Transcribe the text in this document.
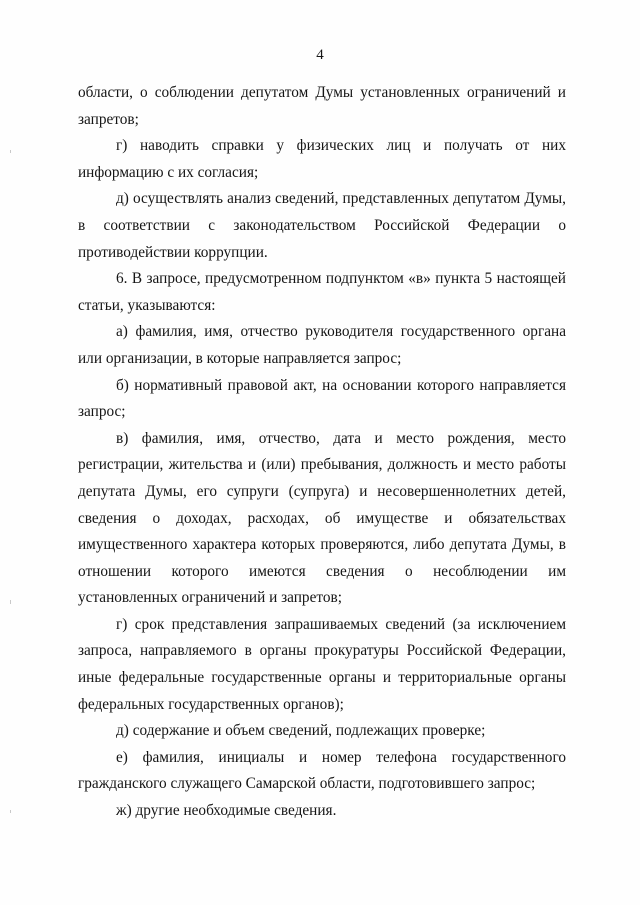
4

области, о соблюдении депутатом Думы установленных ограничений и запретов;

г) наводить справки у физических лиц и получать от них информацию с их согласия;

д) осуществлять анализ сведений, представленных депутатом Думы, в соответствии с законодательством Российской Федерации о противодействии коррупции.

6. В запросе, предусмотренном подпунктом «в» пункта 5 настоящей статьи, указываются:

а) фамилия, имя, отчество руководителя государственного органа или организации, в которые направляется запрос;

б) нормативный правовой акт, на основании которого направляется запрос;

в) фамилия, имя, отчество, дата и место рождения, место регистрации, жительства и (или) пребывания, должность и место работы депутата Думы, его супруги (супруга) и несовершеннолетних детей, сведения о доходах, расходах, об имуществе и обязательствах имущественного характера которых проверяются, либо депутата Думы, в отношении которого имеются сведения о несоблюдении им установленных ограничений и запретов;

г) срок представления запрашиваемых сведений (за исключением запроса, направляемого в органы прокуратуры Российской Федерации, иные федеральные государственные органы и территориальные органы федеральных государственных органов);

д) содержание и объем сведений, подлежащих проверке;

е) фамилия, инициалы и номер телефона государственного гражданского служащего Самарской области, подготовившего запрос;

ж) другие необходимые сведения.
